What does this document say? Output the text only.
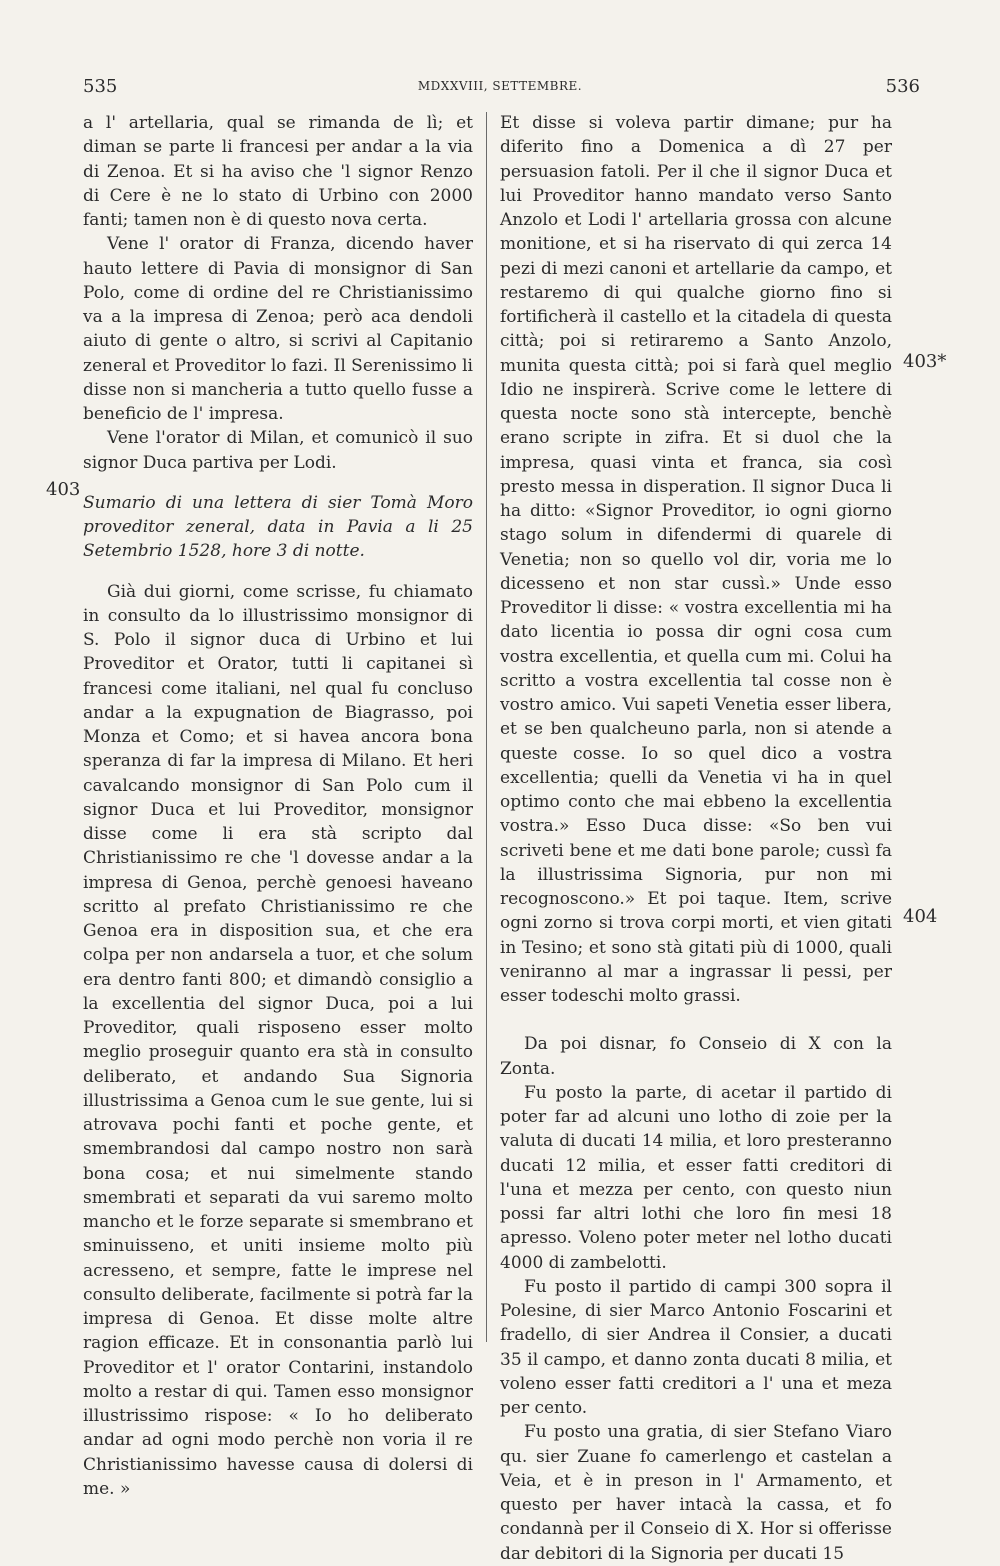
535	MDXXVIII, SETTEMBRE.	536
403
403*
404

a l' artellaria, qual se rimanda de lì; et diman se parte li francesi per andar a la via di Zenoa. Et si ha aviso che 'l signor Renzo di Cere è ne lo stato di Urbino con 2000 fanti; tamen non è di questo nova certa.

Vene l' orator di Franza, dicendo haver hauto lettere di Pavia di monsignor di San Polo, come di ordine del re Christianissimo va a la impresa di Zenoa; però aca dendoli aiuto di gente o altro, si scrivi al Capitanio zeneral et Proveditor lo fazi. Il Serenissimo li disse non si mancheria a tutto quello fusse a beneficio de l' impresa.

Vene l'orator di Milan, et comunicò il suo signor Duca partiva per Lodi.

Sumario di una lettera di sier Tomà Moro proveditor zeneral, data in Pavia a li 25 Setembrio 1528, hore 3 di notte.

Già dui giorni, come scrisse, fu chiamato in consulto da lo illustrissimo monsignor di S. Polo il signor duca di Urbino et lui Proveditor et Orator, tutti li capitanei sì francesi come italiani, nel qual fu concluso andar a la expugnation de Biagrasso, poi Monza et Como; et si havea ancora bona speranza di far la impresa di Milano. Et heri cavalcando monsignor di San Polo cum il signor Duca et lui Proveditor, monsignor disse come li era stà scripto dal Christianissimo re che 'l dovesse andar a la impresa di Genoa, perchè genoesi haveano scritto al prefato Christianissimo re che Genoa era in disposition sua, et che era colpa per non andarsela a tuor, et che solum era dentro fanti 800; et dimandò consiglio a la excellentia del signor Duca, poi a lui Proveditor, quali risposeno esser molto meglio proseguir quanto era stà in consulto deliberato, et andando Sua Signoria illustrissima a Genoa cum le sue gente, lui si atrovava pochi fanti et poche gente, et smembrandosi dal campo nostro non sarà bona cosa; et nui simelmente stando smembrati et separati da vui saremo molto mancho et le forze separate si smembrano et sminuisseno, et uniti insieme molto più acresseno, et sempre, fatte le imprese nel consulto deliberate, facilmente si potrà far la impresa di Genoa. Et disse molte altre ragion efficaze. Et in consonantia parlò lui Proveditor et l' orator Contarini, instandolo molto a restar di qui. Tamen esso monsignor illustrissimo rispose: « Io ho deliberato andar ad ogni modo perchè non voria il re Christianissimo havesse causa di dolersi di me. »

Et disse si voleva partir dimane; pur ha diferito fino a Domenica a dì 27 per persuasion fatoli. Per il che il signor Duca et lui Proveditor hanno mandato verso Santo Anzolo et Lodi l' artellaria grossa con alcune monitione, et si ha riservato di qui zerca 14 pezi di mezi canoni et artellarie da campo, et restaremo di qui qualche giorno fino si fortificherà il castello et la citadela di questa città; poi si retiraremo a Santo Anzolo, munita questa città; poi si farà quel meglio Idio ne inspirerà. Scrive come le lettere di questa nocte sono stà intercepte, benchè erano scripte in zifra. Et si duol che la impresa, quasi vinta et franca, sia così presto messa in disperation. Il signor Duca li ha ditto: «Signor Proveditor, io ogni giorno stago solum in difendermi di quarele di Venetia; non so quello vol dir, voria me lo dicesseno et non star cussì.» Unde esso Proveditor li disse: « vostra excellentia mi ha dato licentia io possa dir ogni cosa cum vostra excellentia, et quella cum mi. Colui ha scritto a vostra excellentia tal cosse non è vostro amico. Vui sapeti Venetia esser libera, et se ben qualcheuno parla, non si atende a queste cosse. Io so quel dico a vostra excellentia; quelli da Venetia vi ha in quel optimo conto che mai ebbeno la excellentia vostra.» Esso Duca disse: «So ben vui scriveti bene et me dati bone parole; cussì fa la illustrissima Signoria, pur non mi recognoscono.» Et poi taque. Item, scrive ogni zorno si trova corpi morti, et vien gitati in Tesino; et sono stà gitati più di 1000, quali veniranno al mar a ingrassar li pessi, per esser todeschi molto grassi.

Da poi disnar, fo Conseio di X con la Zonta.

Fu posto la parte, di acetar il partido di poter far ad alcuni uno lotho di zoie per la valuta di ducati 14 milia, et loro presteranno ducati 12 milia, et esser fatti creditori di l'una et mezza per cento, con questo niun possi far altri lothi che loro fin mesi 18 apresso. Voleno poter meter nel lotho ducati 4000 di zambelotti.

Fu posto il partido di campi 300 sopra il Polesine, di sier Marco Antonio Foscarini et fradello, di sier Andrea il Consier, a ducati 35 il campo, et danno zonta ducati 8 milia, et voleno esser fatti creditori a l' una et meza per cento.

Fu posto una gratia, di sier Stefano Viaro qu. sier Zuane fo camerlengo et castelan a Veia, et è in preson in l' Armamento, et questo per haver intacà la cassa, et fo condannà per il Conseio di X. Hor si offerisse dar debitori di la Signoria per ducati 15
